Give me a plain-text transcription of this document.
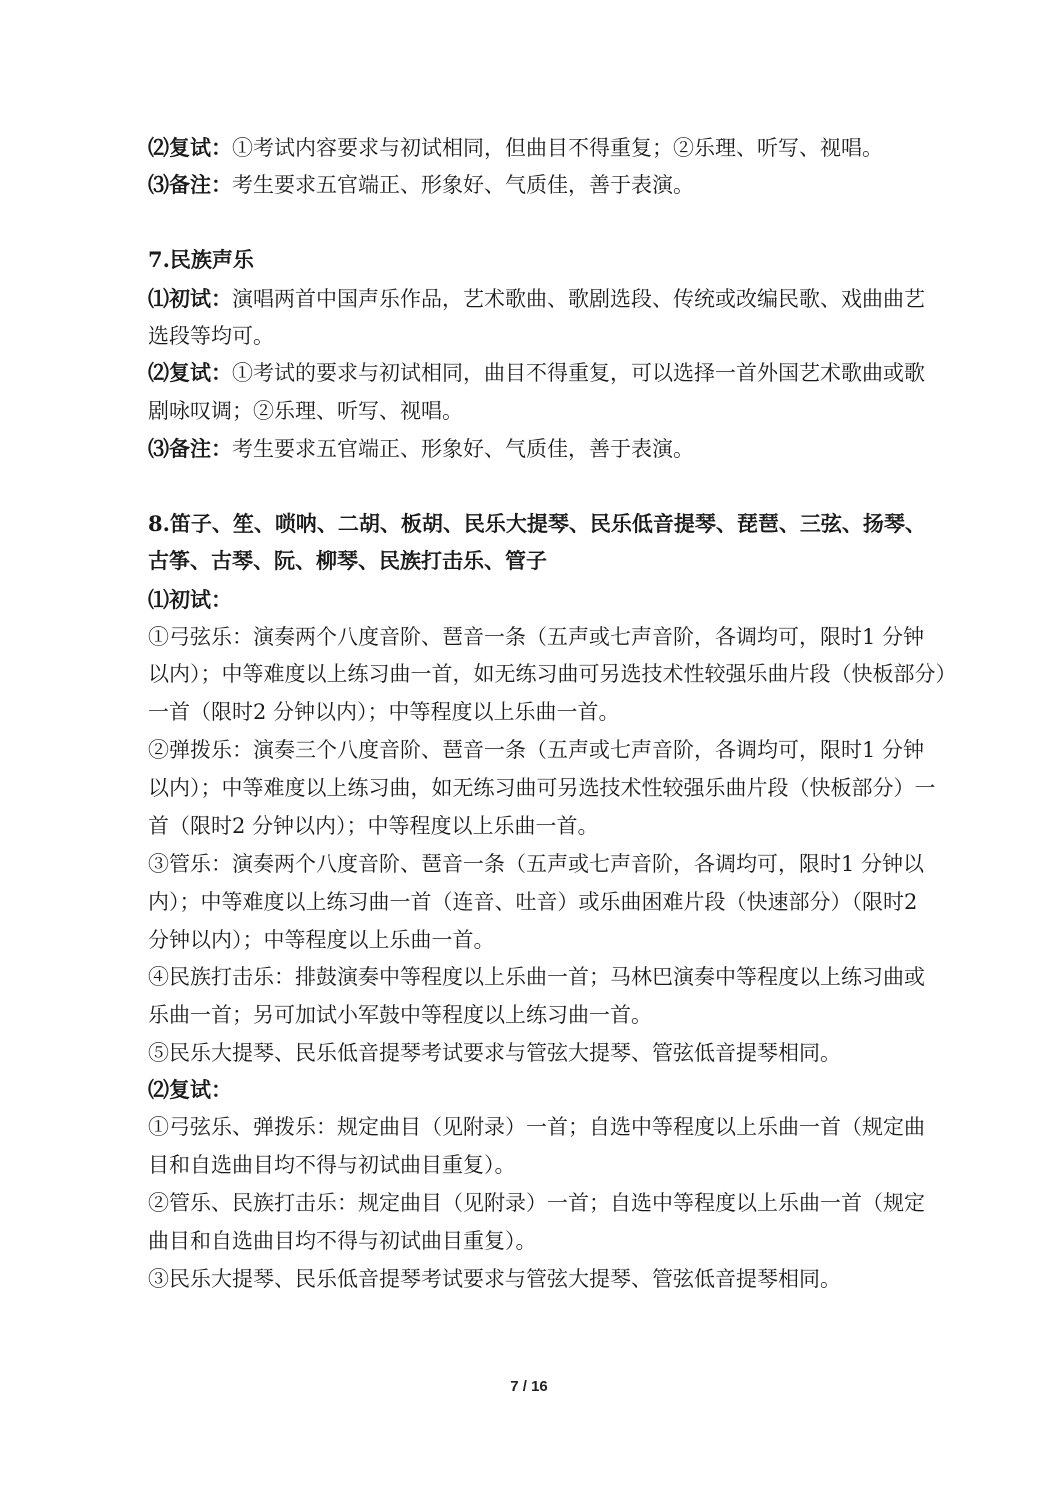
⑵复试：①考试内容要求与初试相同，但曲目不得重复；②乐理、听写、视唱。
⑶备注：考生要求五官端正、形象好、气质佳，善于表演。
7.民族声乐
⑴初试：演唱两首中国声乐作品，艺术歌曲、歌剧选段、传统或改编民歌、戏曲曲艺
选段等均可。
⑵复试：①考试的要求与初试相同，曲目不得重复，可以选择一首外国艺术歌曲或歌
剧咏叹调；②乐理、听写、视唱。
⑶备注：考生要求五官端正、形象好、气质佳，善于表演。
8.笛子、笙、唢呐、二胡、板胡、民乐大提琴、民乐低音提琴、琵琶、三弦、扬琴、
古筝、古琴、阮、柳琴、民族打击乐、管子
⑴初试：
①弓弦乐：演奏两个八度音阶、琶音一条（五声或七声音阶，各调均可，限时1 分钟
以内）；中等难度以上练习曲一首，如无练习曲可另选技术性较强乐曲片段（快板部分）
一首（限时2 分钟以内）；中等程度以上乐曲一首。
②弹拨乐：演奏三个八度音阶、琶音一条（五声或七声音阶，各调均可，限时1 分钟
以内）；中等难度以上练习曲，如无练习曲可另选技术性较强乐曲片段（快板部分）一
首（限时2 分钟以内）；中等程度以上乐曲一首。
③管乐：演奏两个八度音阶、琶音一条（五声或七声音阶，各调均可，限时1 分钟以
内）；中等难度以上练习曲一首（连音、吐音）或乐曲困难片段（快速部分）（限时2
分钟以内）；中等程度以上乐曲一首。
④民族打击乐：排鼓演奏中等程度以上乐曲一首；马林巴演奏中等程度以上练习曲或
乐曲一首；另可加试小军鼓中等程度以上练习曲一首。
⑤民乐大提琴、民乐低音提琴考试要求与管弦大提琴、管弦低音提琴相同。
⑵复试：
①弓弦乐、弹拨乐：规定曲目（见附录）一首；自选中等程度以上乐曲一首（规定曲
目和自选曲目均不得与初试曲目重复）。
②管乐、民族打击乐：规定曲目（见附录）一首；自选中等程度以上乐曲一首（规定
曲目和自选曲目均不得与初试曲目重复）。
③民乐大提琴、民乐低音提琴考试要求与管弦大提琴、管弦低音提琴相同。
7 / 16
